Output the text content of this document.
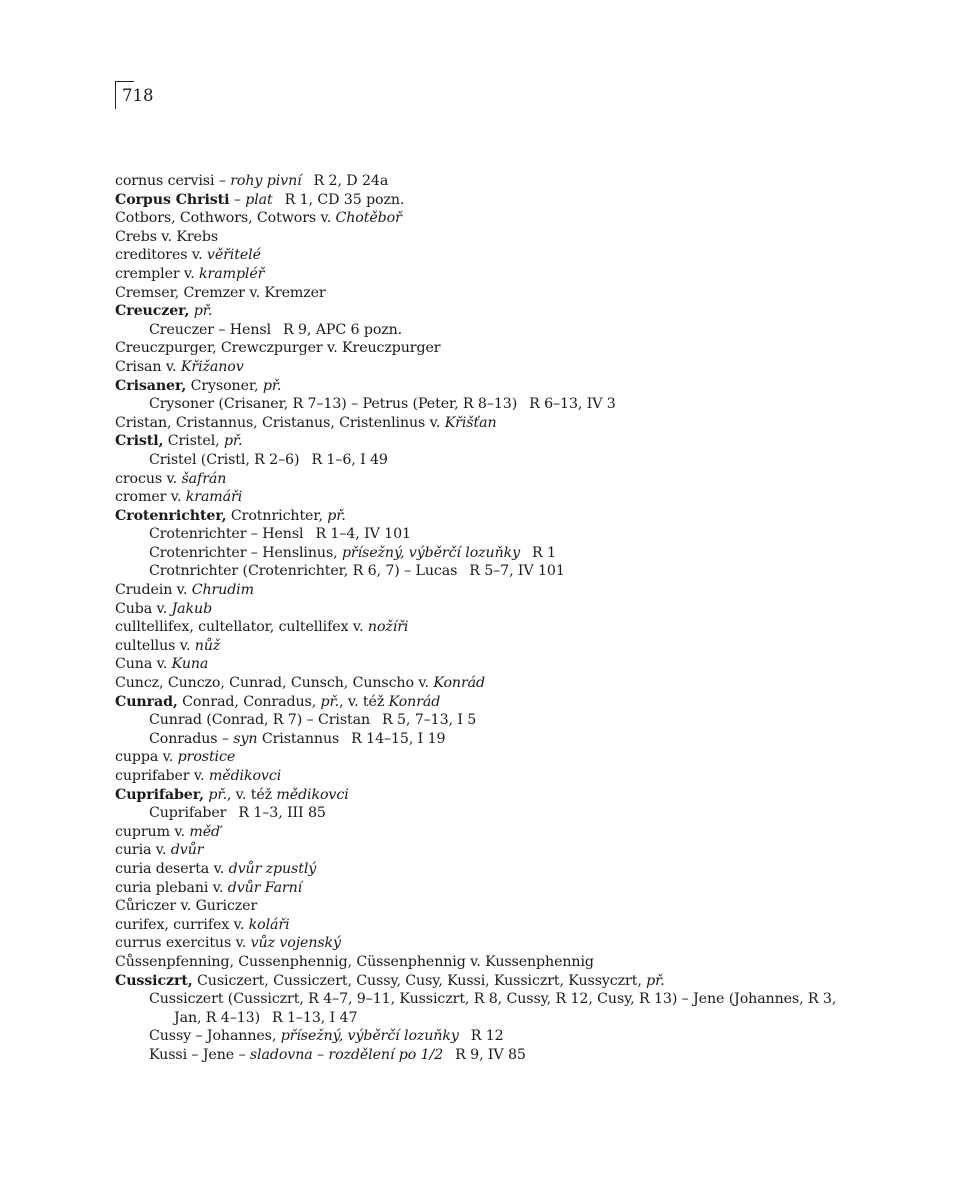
718
cornus cervisi – rohy pivní R 2, D 24a
Corpus Christi – plat R 1, CD 35 pozn.
Cotbors, Cothwors, Cotwors v. Chotěboř
Crebs v. Krebs
creditores v. věřitelé
crempler v. krampléř
Cremser, Cremzer v. Kremzer
Creuczer, př.
Creuczer – Hensl R 9, APC 6 pozn.
Creuczpurger, Crewczpurger v. Kreuczpurger
Crisan v. Křižanov
Crisaner, Crysoner, př.
Crysoner (Crisaner, R 7–13) – Petrus (Peter, R 8–13) R 6–13, IV 3
Cristan, Cristannus, Cristanus, Cristenlinus v. Křišťan
Cristl, Cristel, př.
Cristel (Cristl, R 2–6) R 1–6, I 49
crocus v. šafrán
cromer v. kramáři
Crotenrichter, Crotnrichter, př.
Crotenrichter – Hensl R 1–4, IV 101
Crotenrichter – Henslinus, přísežný, výběrčí lozuňky R 1
Crotnrichter (Crotenrichter, R 6, 7) – Lucas R 5–7, IV 101
Crudein v. Chrudim
Cuba v. Jakub
culltellifex, cultellator, cultellifex v. nožíři
cultellus v. nůž
Cuna v. Kuna
Cuncz, Cunczo, Cunrad, Cunsch, Cunscho v. Konrád
Cunrad, Conrad, Conradus, př., v. též Konrád
Cunrad (Conrad, R 7) – Cristan R 5, 7–13, I 5
Conradus – syn Cristannus R 14–15, I 19
cuppa v. prostice
cuprifaber v. mědikovci
Cuprifaber, př., v. též mědikovci
Cuprifaber R 1–3, III 85
cuprum v. měď
curia v. dvůr
curia deserta v. dvůr zpustlý
curia plebani v. dvůr Farní
Cůriczer v. Guriczer
curifex, currifex v. koláři
currus exercitus v. vůz vojenský
Cůssenpfenning, Cussenphennig, Cüssenphennig v. Kussenphennig
Cussiczrt, Cusiczert, Cussiczert, Cussy, Cusy, Kussi, Kussiczrt, Kussyczrt, př.
Cussiczert (Cussiczrt, R 4–7, 9–11, Kussiczrt, R 8, Cussy, R 12, Cusy, R 13) – Jene (Johannes, R 3, Jan, R 4–13) R 1–13, I 47
Cussy – Johannes, přísežný, výběrčí lozuňky R 12
Kussi – Jene – sladovna – rozdělení po 1/2 R 9, IV 85
